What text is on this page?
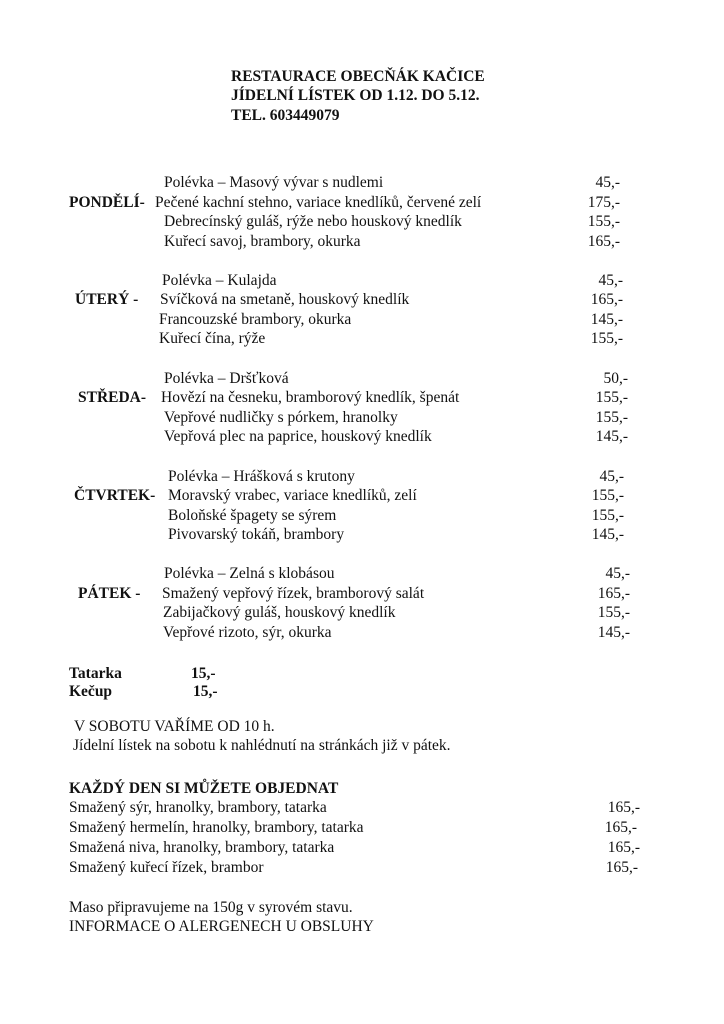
RESTAURACE OBECŇÁK KAČICE
JÍDELNÍ LÍSTEK OD 1.12. DO 5.12.
TEL. 603449079
PONDĚLÍ-
Polévka – Masový vývar s nudlemi
Pečené kachní stehno, variace knedlíků, červené zelí
Debrecínský guláš, rýže nebo houskový knedlík
Kuřecí savoj, brambory, okurka
45,-
175,-
155,-
165,-
ÚTERÝ -
Polévka – Kulajda
Svíčková na smetaně, houskový knedlík
Francouzské brambory, okurka
Kuřecí čína, rýže
45,-
165,-
145,-
155,-
STŘEDA-
Polévka – Dršťková
Hovězí na česneku, bramborový knedlík, špenát
Vepřové nudličky s pórkem, hranolky
Vepřová plec na paprice, houskový knedlík
50,-
155,-
155,-
145,-
ČTVRTEK-
Polévka – Hrášková s krutony
Moravský vrabec, variace knedlíků, zelí
Boloňské špagety se sýrem
Pivovarský tokáň, brambory
45,-
155,-
155,-
145,-
PÁTEK -
Polévka – Zelná s klobásou
Smažený vepřový řízek, bramborový salát
Zabijačkový guláš, houskový knedlík
Vepřové rizoto, sýr, okurka
45,-
165,-
155,-
145,-
Tatarka	15,-
Kečup	15,-
V SOBOTU VAŘÍME OD 10 h.
Jídelní lístek na sobotu k nahlédnutí na stránkách již v pátek.
KAŽDÝ DEN SI MŮŽETE OBJEDNAT
Smažený sýr, hranolky, brambory, tatarka
Smažený hermelín, hranolky, brambory, tatarka
Smažená niva, hranolky, brambory, tatarka
Smažený kuřecí řízek, brambor
165,-
165,-
165,-
165,-
Maso připravujeme na 150g v syrovém stavu.
INFORMACE O ALERGENECH U OBSLUHY
